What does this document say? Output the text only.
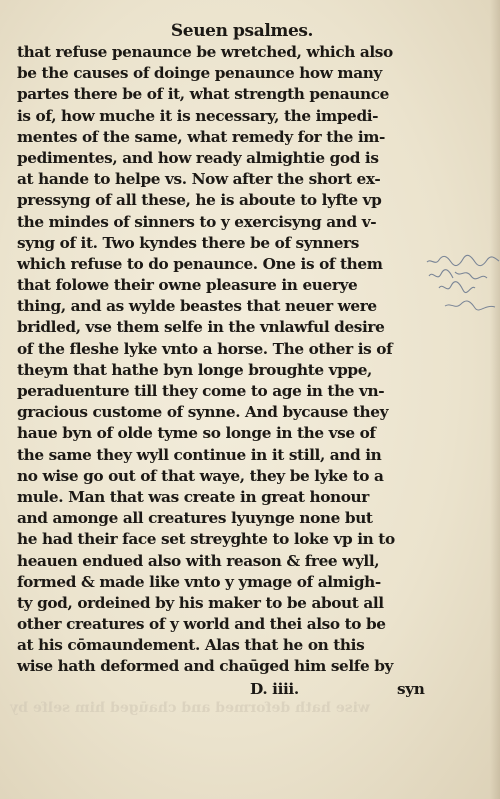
Seuen psalmes.
that refuse penaunce be wretched, which also
be the causes of doinge penaunce how many
partes there be of it, what strength penaunce
is of, how muche it is necessary, the impedi-
mentes of the same, what remedy for the im-
pedimentes, and how ready almightie god is
at hande to helpe vs. Now after the short ex-
pressyng of all these, he is aboute to lyfte vp
the mindes of sinners to y exercisyng and v-
syng of it. Two kyndes there be of synners
which refuse to do penaunce. One is of them
that folowe their owne pleasure in euerye
thing, and as wylde beastes that neuer were
bridled, vse them selfe in the vnlawful desire
of the fleshe lyke vnto a horse. The other is of
theym that hathe byn longe broughte vppe,
peraduenture till they come to age in the vn-
gracious custome of synne. And bycause they
haue byn of olde tyme so longe in the vse of
the same they wyll continue in it still, and in
no wise go out of that waye, they be lyke to a
mule. Man that was create in great honour
and amonge all creatures lyuynge none but
he had their face set streyghte to loke vp in to
heauen endued also with reason & free wyll,
formed & made like vnto y ymage of almigh-
ty god, ordeined by his maker to be about all
other creatures of y world and thei also to be
at his cōmaundement. Alas that he on this
wise hath deformed and chaūged him selfe by
D. iiii.	syn
wise hath deformed and chaūged him selfe by
